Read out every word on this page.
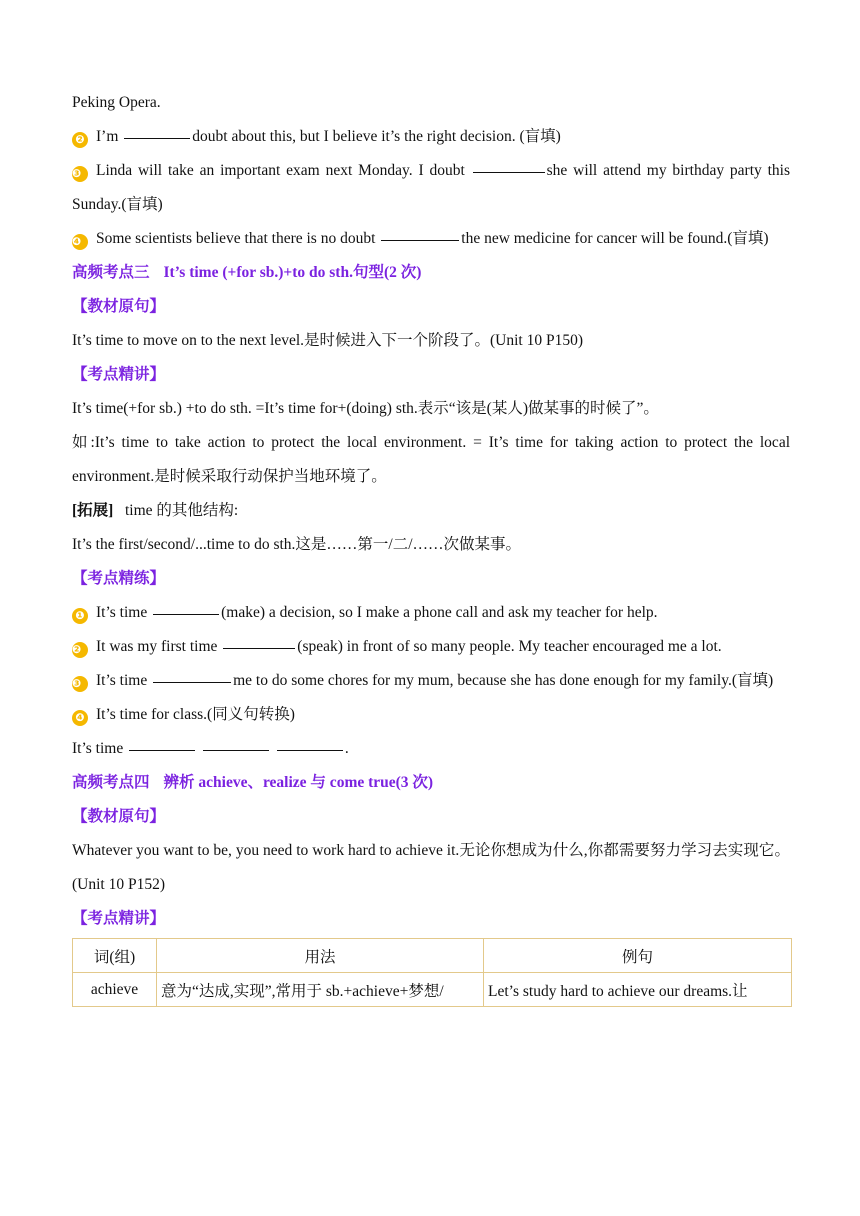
Peking Opera.

❷ I’m	doubt about this, but I believe it’s the right decision. (盲填)

❸ Linda will take an important exam next Monday. I doubt	she will attend my birthday party this Sunday.(盲填)

❹ Some scientists believe that there is no doubt	the new medicine for cancer will be found.(盲填)

高频考点三 It’s time (+for sb.)+to do sth.句型(2 次)

【教材原句】

It’s time to move on to the next level.是时候进入下一个阶段了。(Unit 10 P150)

【考点精讲】

It’s time(+for sb.) +to do sth. =It’s time for+(doing) sth.表示“该是(某人)做某事的时候了”。

如:It’s time to take action to protect the local environment. = It’s time for taking action to protect the local environment.是时候采取行动保护当地环境了。

[拓展] time 的其他结构:

It’s the first/second/...time to do sth.这是……第一/二/……次做某事。

【考点精练】

❶ It’s time	(make) a decision, so I make a phone call and ask my teacher for help.

❷ It was my first time	(speak) in front of so many people. My teacher encouraged me a lot.

❸ It’s time	me to do some chores for my mum, because she has done enough for my family.(盲填)

❹ It’s time for class.(同义句转换)

It’s time	.

高频考点四 辨析 achieve、realize 与 come true(3 次)

【教材原句】

Whatever you want to be, you need to work hard to achieve it.无论你想成为什么,你都需要努力学习去实现它。(Unit 10 P152)

【考点精讲】

词(组)	用法	例句
achieve	意为“达成,实现”,常用于 sb.+achieve+梦想/	Let’s study hard to achieve our dreams.让
